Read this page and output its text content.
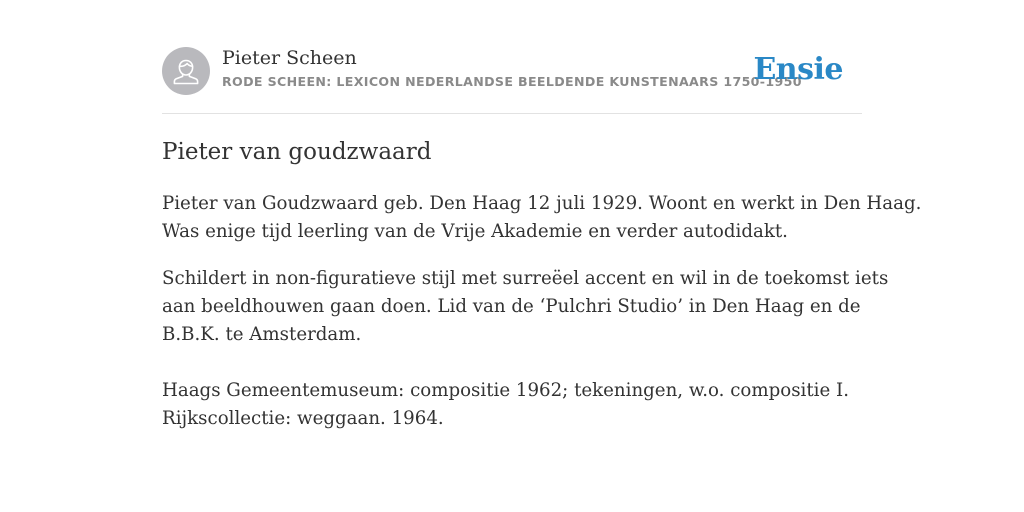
Pieter Scheen
RODE SCHEEN: LEXICON NEDERLANDSE BEELDENDE KUNSTENAARS 1750-1950
Ensie
Pieter van goudzwaard

Pieter van Goudzwaard geb. Den Haag 12 juli 1929. Woont en werkt in Den Haag.
Was enige tijd leerling van de Vrije Akademie en verder autodidakt.

Schildert in non-figuratieve stijl met surreëel accent en wil in de toekomst iets
aan beeldhouwen gaan doen. Lid van de ‘Pulchri Studio’ in Den Haag en de
B.B.K. te Amsterdam.

Haags Gemeentemuseum: compositie 1962; tekeningen, w.o. compositie I.
Rijkscollectie: weggaan. 1964.
